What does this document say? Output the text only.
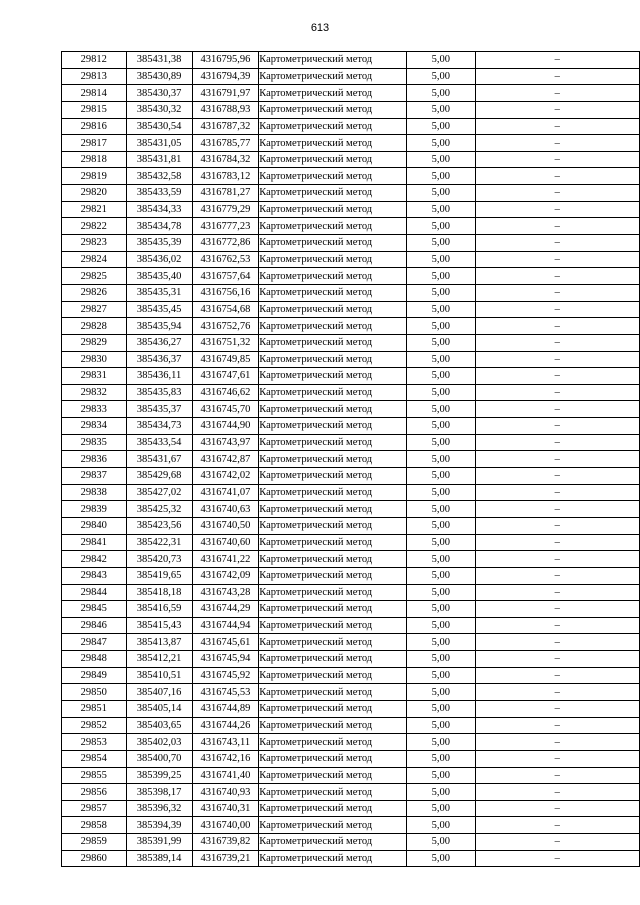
613
29812	385431,38	4316795,96	Картометрический метод	5,00	–
29813	385430,89	4316794,39	Картометрический метод	5,00	–
29814	385430,37	4316791,97	Картометрический метод	5,00	–
29815	385430,32	4316788,93	Картометрический метод	5,00	–
29816	385430,54	4316787,32	Картометрический метод	5,00	–
29817	385431,05	4316785,77	Картометрический метод	5,00	–
29818	385431,81	4316784,32	Картометрический метод	5,00	–
29819	385432,58	4316783,12	Картометрический метод	5,00	–
29820	385433,59	4316781,27	Картометрический метод	5,00	–
29821	385434,33	4316779,29	Картометрический метод	5,00	–
29822	385434,78	4316777,23	Картометрический метод	5,00	–
29823	385435,39	4316772,86	Картометрический метод	5,00	–
29824	385436,02	4316762,53	Картометрический метод	5,00	–
29825	385435,40	4316757,64	Картометрический метод	5,00	–
29826	385435,31	4316756,16	Картометрический метод	5,00	–
29827	385435,45	4316754,68	Картометрический метод	5,00	–
29828	385435,94	4316752,76	Картометрический метод	5,00	–
29829	385436,27	4316751,32	Картометрический метод	5,00	–
29830	385436,37	4316749,85	Картометрический метод	5,00	–
29831	385436,11	4316747,61	Картометрический метод	5,00	–
29832	385435,83	4316746,62	Картометрический метод	5,00	–
29833	385435,37	4316745,70	Картометрический метод	5,00	–
29834	385434,73	4316744,90	Картометрический метод	5,00	–
29835	385433,54	4316743,97	Картометрический метод	5,00	–
29836	385431,67	4316742,87	Картометрический метод	5,00	–
29837	385429,68	4316742,02	Картометрический метод	5,00	–
29838	385427,02	4316741,07	Картометрический метод	5,00	–
29839	385425,32	4316740,63	Картометрический метод	5,00	–
29840	385423,56	4316740,50	Картометрический метод	5,00	–
29841	385422,31	4316740,60	Картометрический метод	5,00	–
29842	385420,73	4316741,22	Картометрический метод	5,00	–
29843	385419,65	4316742,09	Картометрический метод	5,00	–
29844	385418,18	4316743,28	Картометрический метод	5,00	–
29845	385416,59	4316744,29	Картометрический метод	5,00	–
29846	385415,43	4316744,94	Картометрический метод	5,00	–
29847	385413,87	4316745,61	Картометрический метод	5,00	–
29848	385412,21	4316745,94	Картометрический метод	5,00	–
29849	385410,51	4316745,92	Картометрический метод	5,00	–
29850	385407,16	4316745,53	Картометрический метод	5,00	–
29851	385405,14	4316744,89	Картометрический метод	5,00	–
29852	385403,65	4316744,26	Картометрический метод	5,00	–
29853	385402,03	4316743,11	Картометрический метод	5,00	–
29854	385400,70	4316742,16	Картометрический метод	5,00	–
29855	385399,25	4316741,40	Картометрический метод	5,00	–
29856	385398,17	4316740,93	Картометрический метод	5,00	–
29857	385396,32	4316740,31	Картометрический метод	5,00	–
29858	385394,39	4316740,00	Картометрический метод	5,00	–
29859	385391,99	4316739,82	Картометрический метод	5,00	–
29860	385389,14	4316739,21	Картометрический метод	5,00	–
